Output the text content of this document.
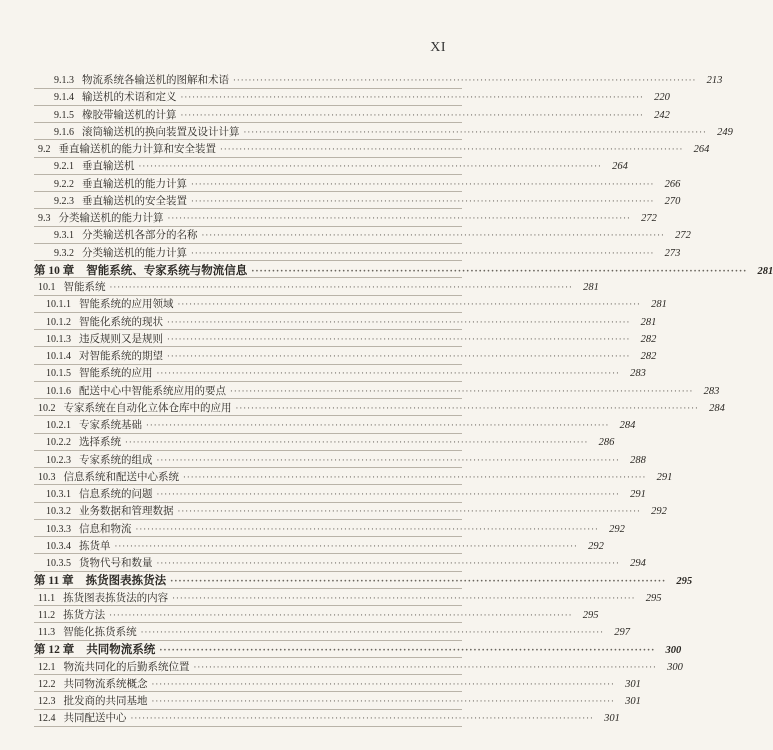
XI
9.1.3 物流系统各输送机的图解和术语 ························································································································ 213
9.1.4 输送机的术语和定义 ························································································································ 220
9.1.5 橡胶带输送机的计算 ························································································································ 242
9.1.6 滚筒输送机的换向装置及设计计算 ························································································································ 249
9.2 垂直输送机的能力计算和安全装置 ························································································································ 264
9.2.1 垂直输送机 ························································································································ 264
9.2.2 垂直输送机的能力计算 ························································································································ 266
9.2.3 垂直输送机的安全装置 ························································································································ 270
9.3 分类输送机的能力计算 ························································································································ 272
9.3.1 分类输送机各部分的名称 ························································································································ 272
9.3.2 分类输送机的能力计算 ························································································································ 273
第 10 章 智能系统、专家系统与物流信息 ························································································································ 281
10.1 智能系统 ························································································································ 281
10.1.1 智能系统的应用领域 ························································································································ 281
10.1.2 智能化系统的现状 ························································································································ 281
10.1.3 违反规则又是规则 ························································································································ 282
10.1.4 对智能系统的期望 ························································································································ 282
10.1.5 智能系统的应用 ························································································································ 283
10.1.6 配送中心中智能系统应用的要点 ························································································································ 283
10.2 专家系统在自动化立体仓库中的应用 ························································································································ 284
10.2.1 专家系统基础 ························································································································ 284
10.2.2 选择系统 ························································································································ 286
10.2.3 专家系统的组成 ························································································································ 288
10.3 信息系统和配送中心系统 ························································································································ 291
10.3.1 信息系统的问题 ························································································································ 291
10.3.2 业务数据和管理数据 ························································································································ 292
10.3.3 信息和物流 ························································································································ 292
10.3.4 拣货单 ························································································································ 292
10.3.5 货物代号和数量 ························································································································ 294
第 11 章 拣货图表拣货法 ························································································································ 295
11.1 拣货图表拣货法的内容 ························································································································ 295
11.2 拣货方法 ························································································································ 295
11.3 智能化拣货系统 ························································································································ 297
第 12 章 共同物流系统 ························································································································ 300
12.1 物流共同化的后勤系统位置 ························································································································ 300
12.2 共同物流系统概念 ························································································································ 301
12.3 批发商的共同基地 ························································································································ 301
12.4 共同配送中心 ························································································································ 301
